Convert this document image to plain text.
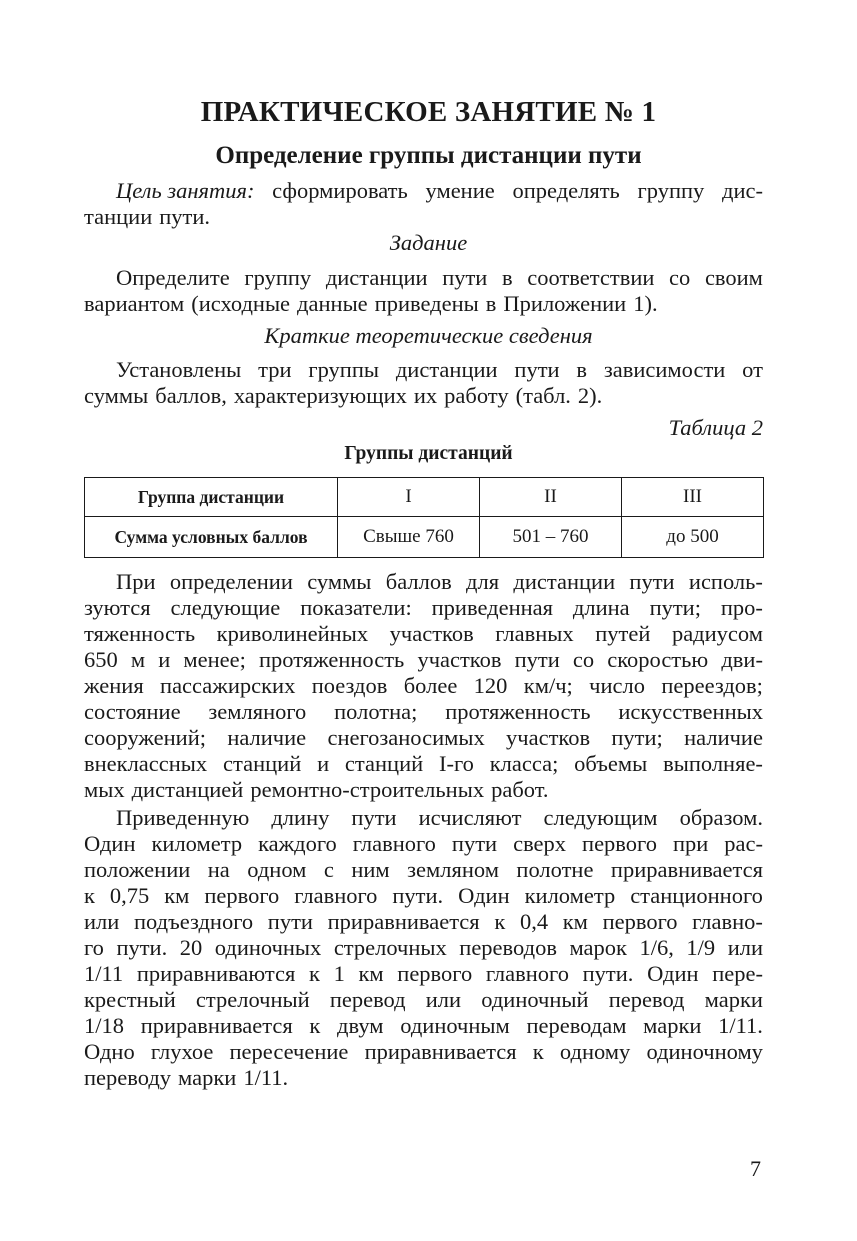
ПРАКТИЧЕСКОЕ ЗАНЯТИЕ № 1
Определение группы дистанции пути
Цель занятия: сформировать умение определять группу дис-
танции пути.
Задание
Определите группу дистанции пути в соответствии со своим
вариантом (исходные данные приведены в Приложении 1).
Краткие теоретические сведения
Установлены три группы дистанции пути в зависимости от
суммы баллов, характеризующих их работу (табл. 2).
Таблица 2
Группы дистанций
Группа дистанции	I	II	III
Сумма условных баллов	Свыше 760	501 – 760	до 500
При определении суммы баллов для дистанции пути исполь-
зуются следующие показатели: приведенная длина пути; про-
тяженность криволинейных участков главных путей радиусом
650 м и менее; протяженность участков пути со скоростью дви-
жения пассажирских поездов более 120 км/ч; число переездов;
состояние земляного полотна; протяженность искусственных
сооружений; наличие снегозаносимых участков пути; наличие
внеклассных станций и станций I-го класса; объемы выполняе-
мых дистанцией ремонтно-строительных работ.
Приведенную длину пути исчисляют следующим образом.
Один километр каждого главного пути сверх первого при рас-
положении на одном с ним земляном полотне приравнивается
к 0,75 км первого главного пути. Один километр станционного
или подъездного пути приравнивается к 0,4 км первого главно-
го пути. 20 одиночных стрелочных переводов марок 1/6, 1/9 или
1/11 приравниваются к 1 км первого главного пути. Один пере-
крестный стрелочный перевод или одиночный перевод марки
1/18 приравнивается к двум одиночным переводам марки 1/11.
Одно глухое пересечение приравнивается к одному одиночному
переводу марки 1/11.
7
